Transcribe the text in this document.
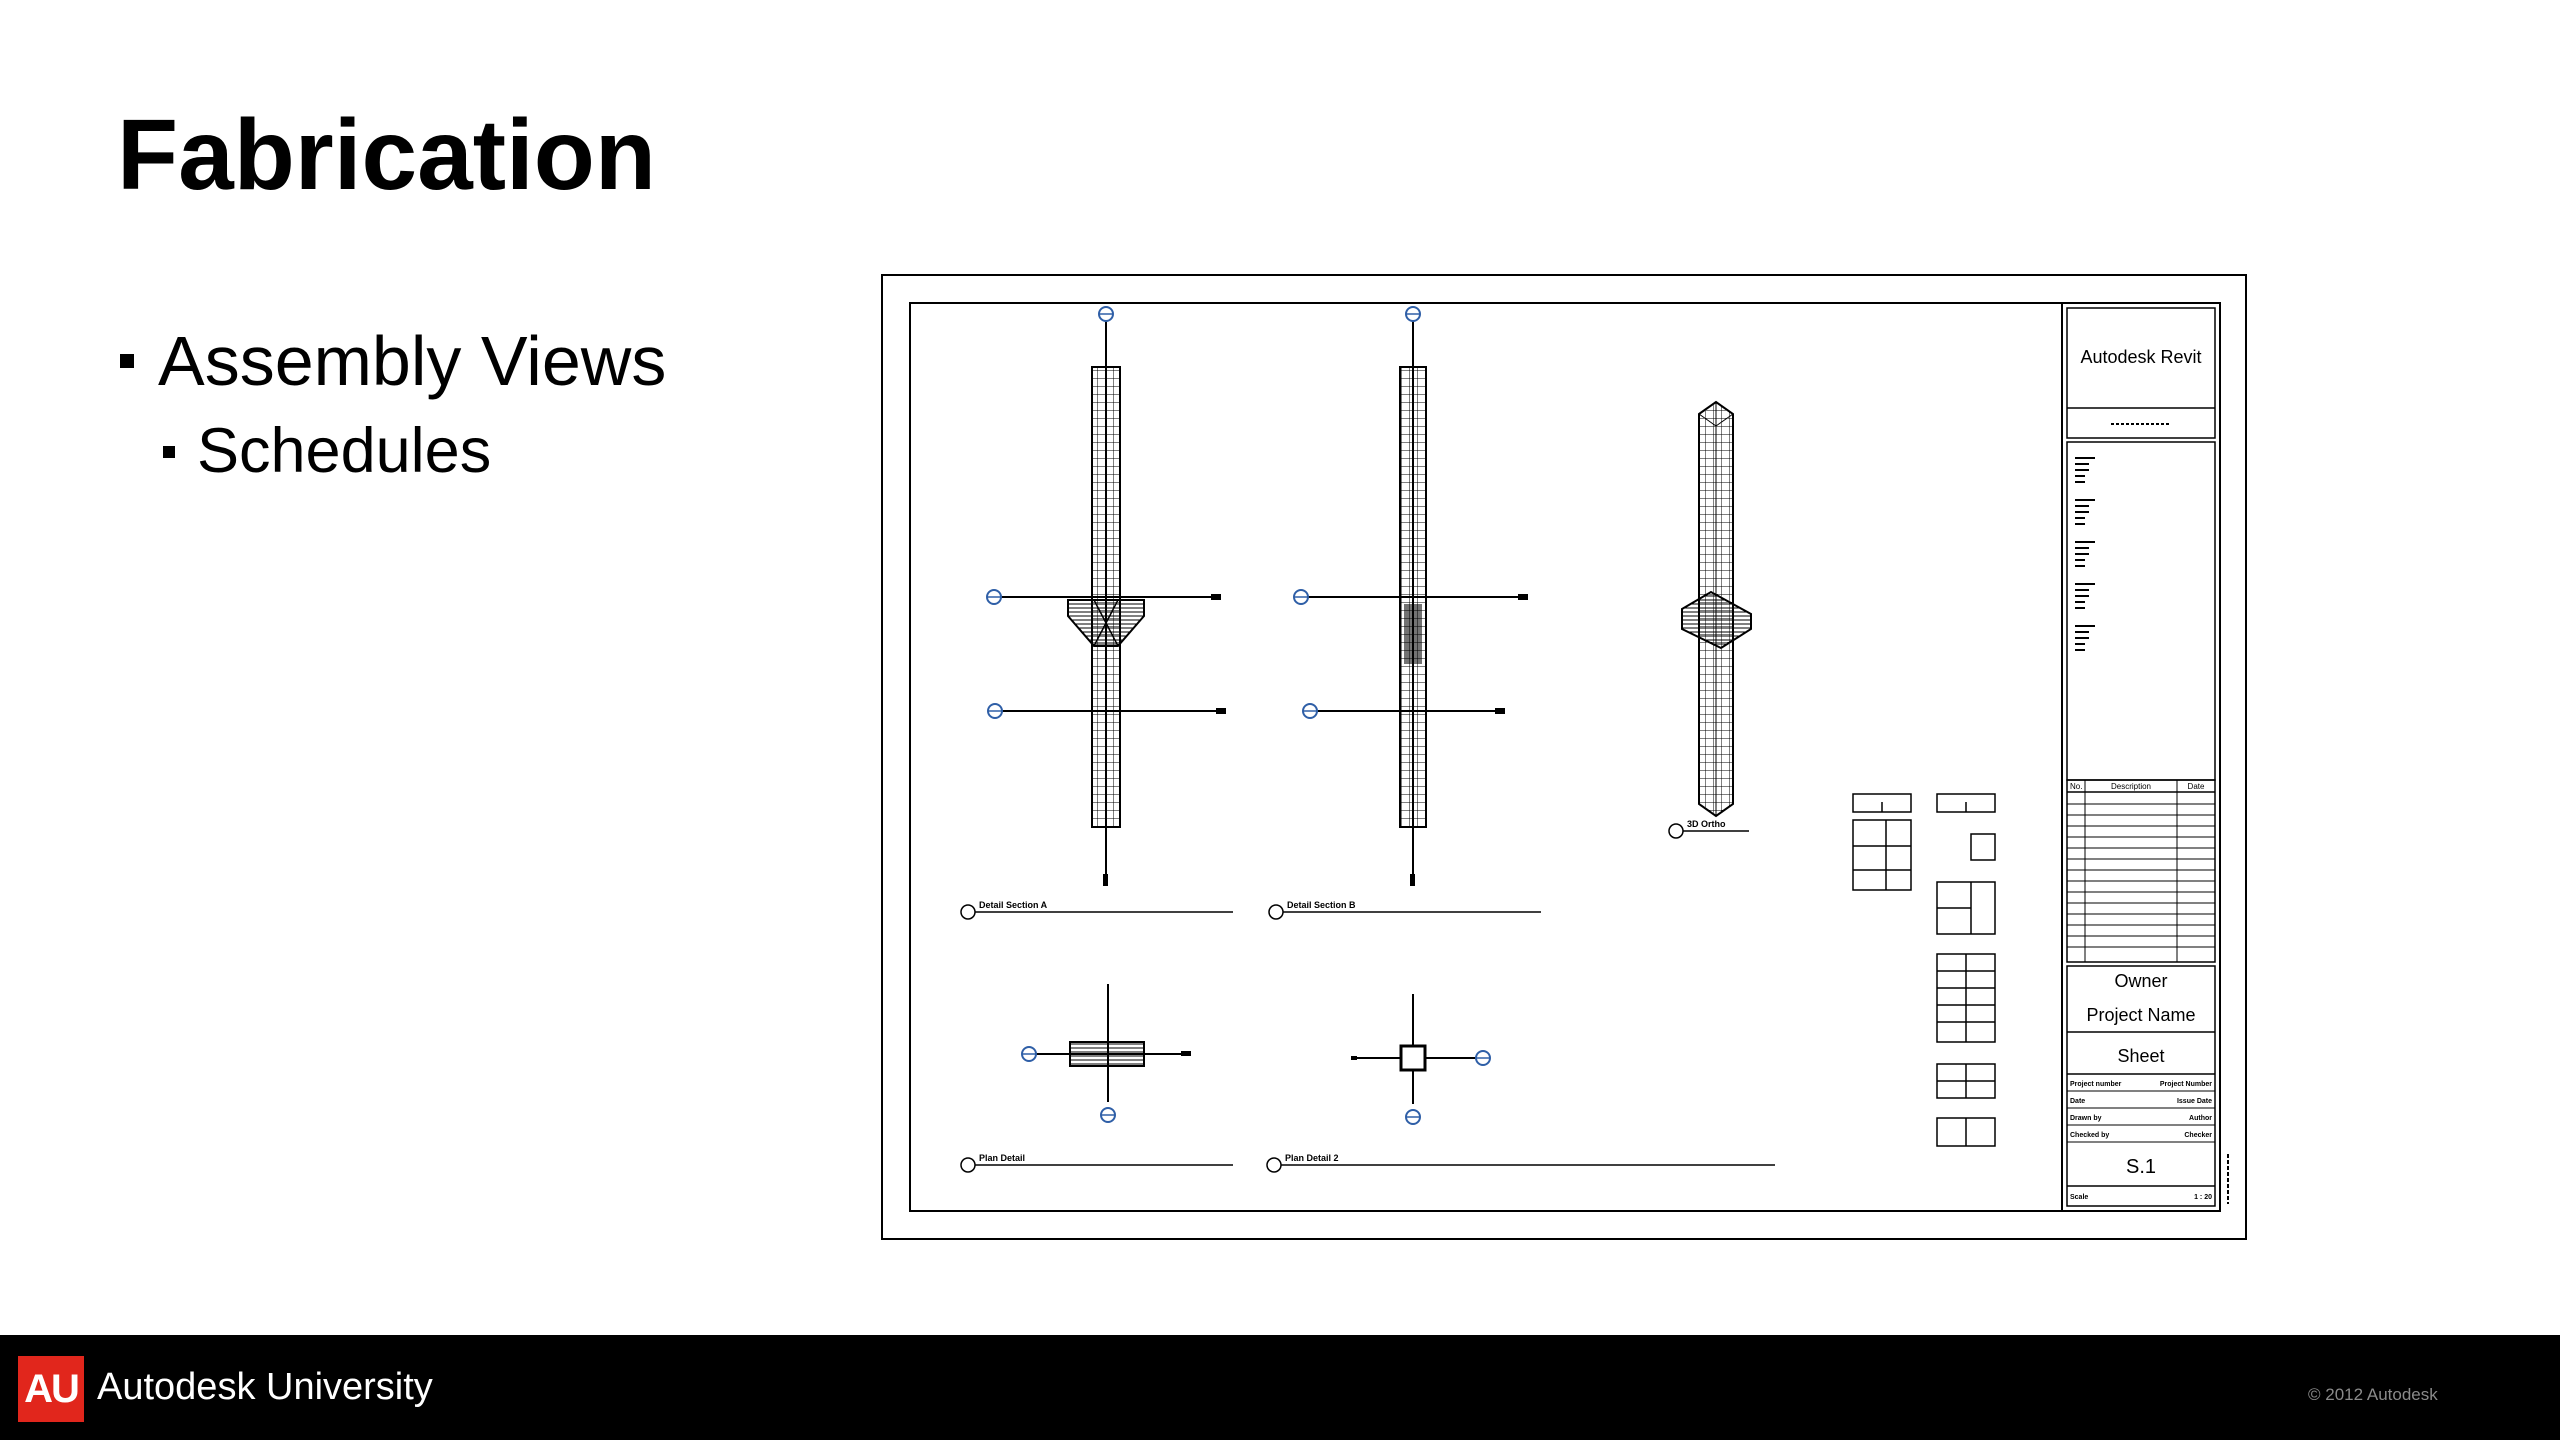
Fabrication
Assembly Views
Schedules
Detail Section A	Detail Section B
3D Ortho
Plan Detail	Plan Detail 2
Autodesk Revit
No.	Description	Date
Owner
Project Name
Sheet
Project number	Project Number
Date	Issue Date
Drawn by	Author
Checked by	Checker
S.1
Scale	1 : 20
AU Autodesk University	© 2012 Autodesk
